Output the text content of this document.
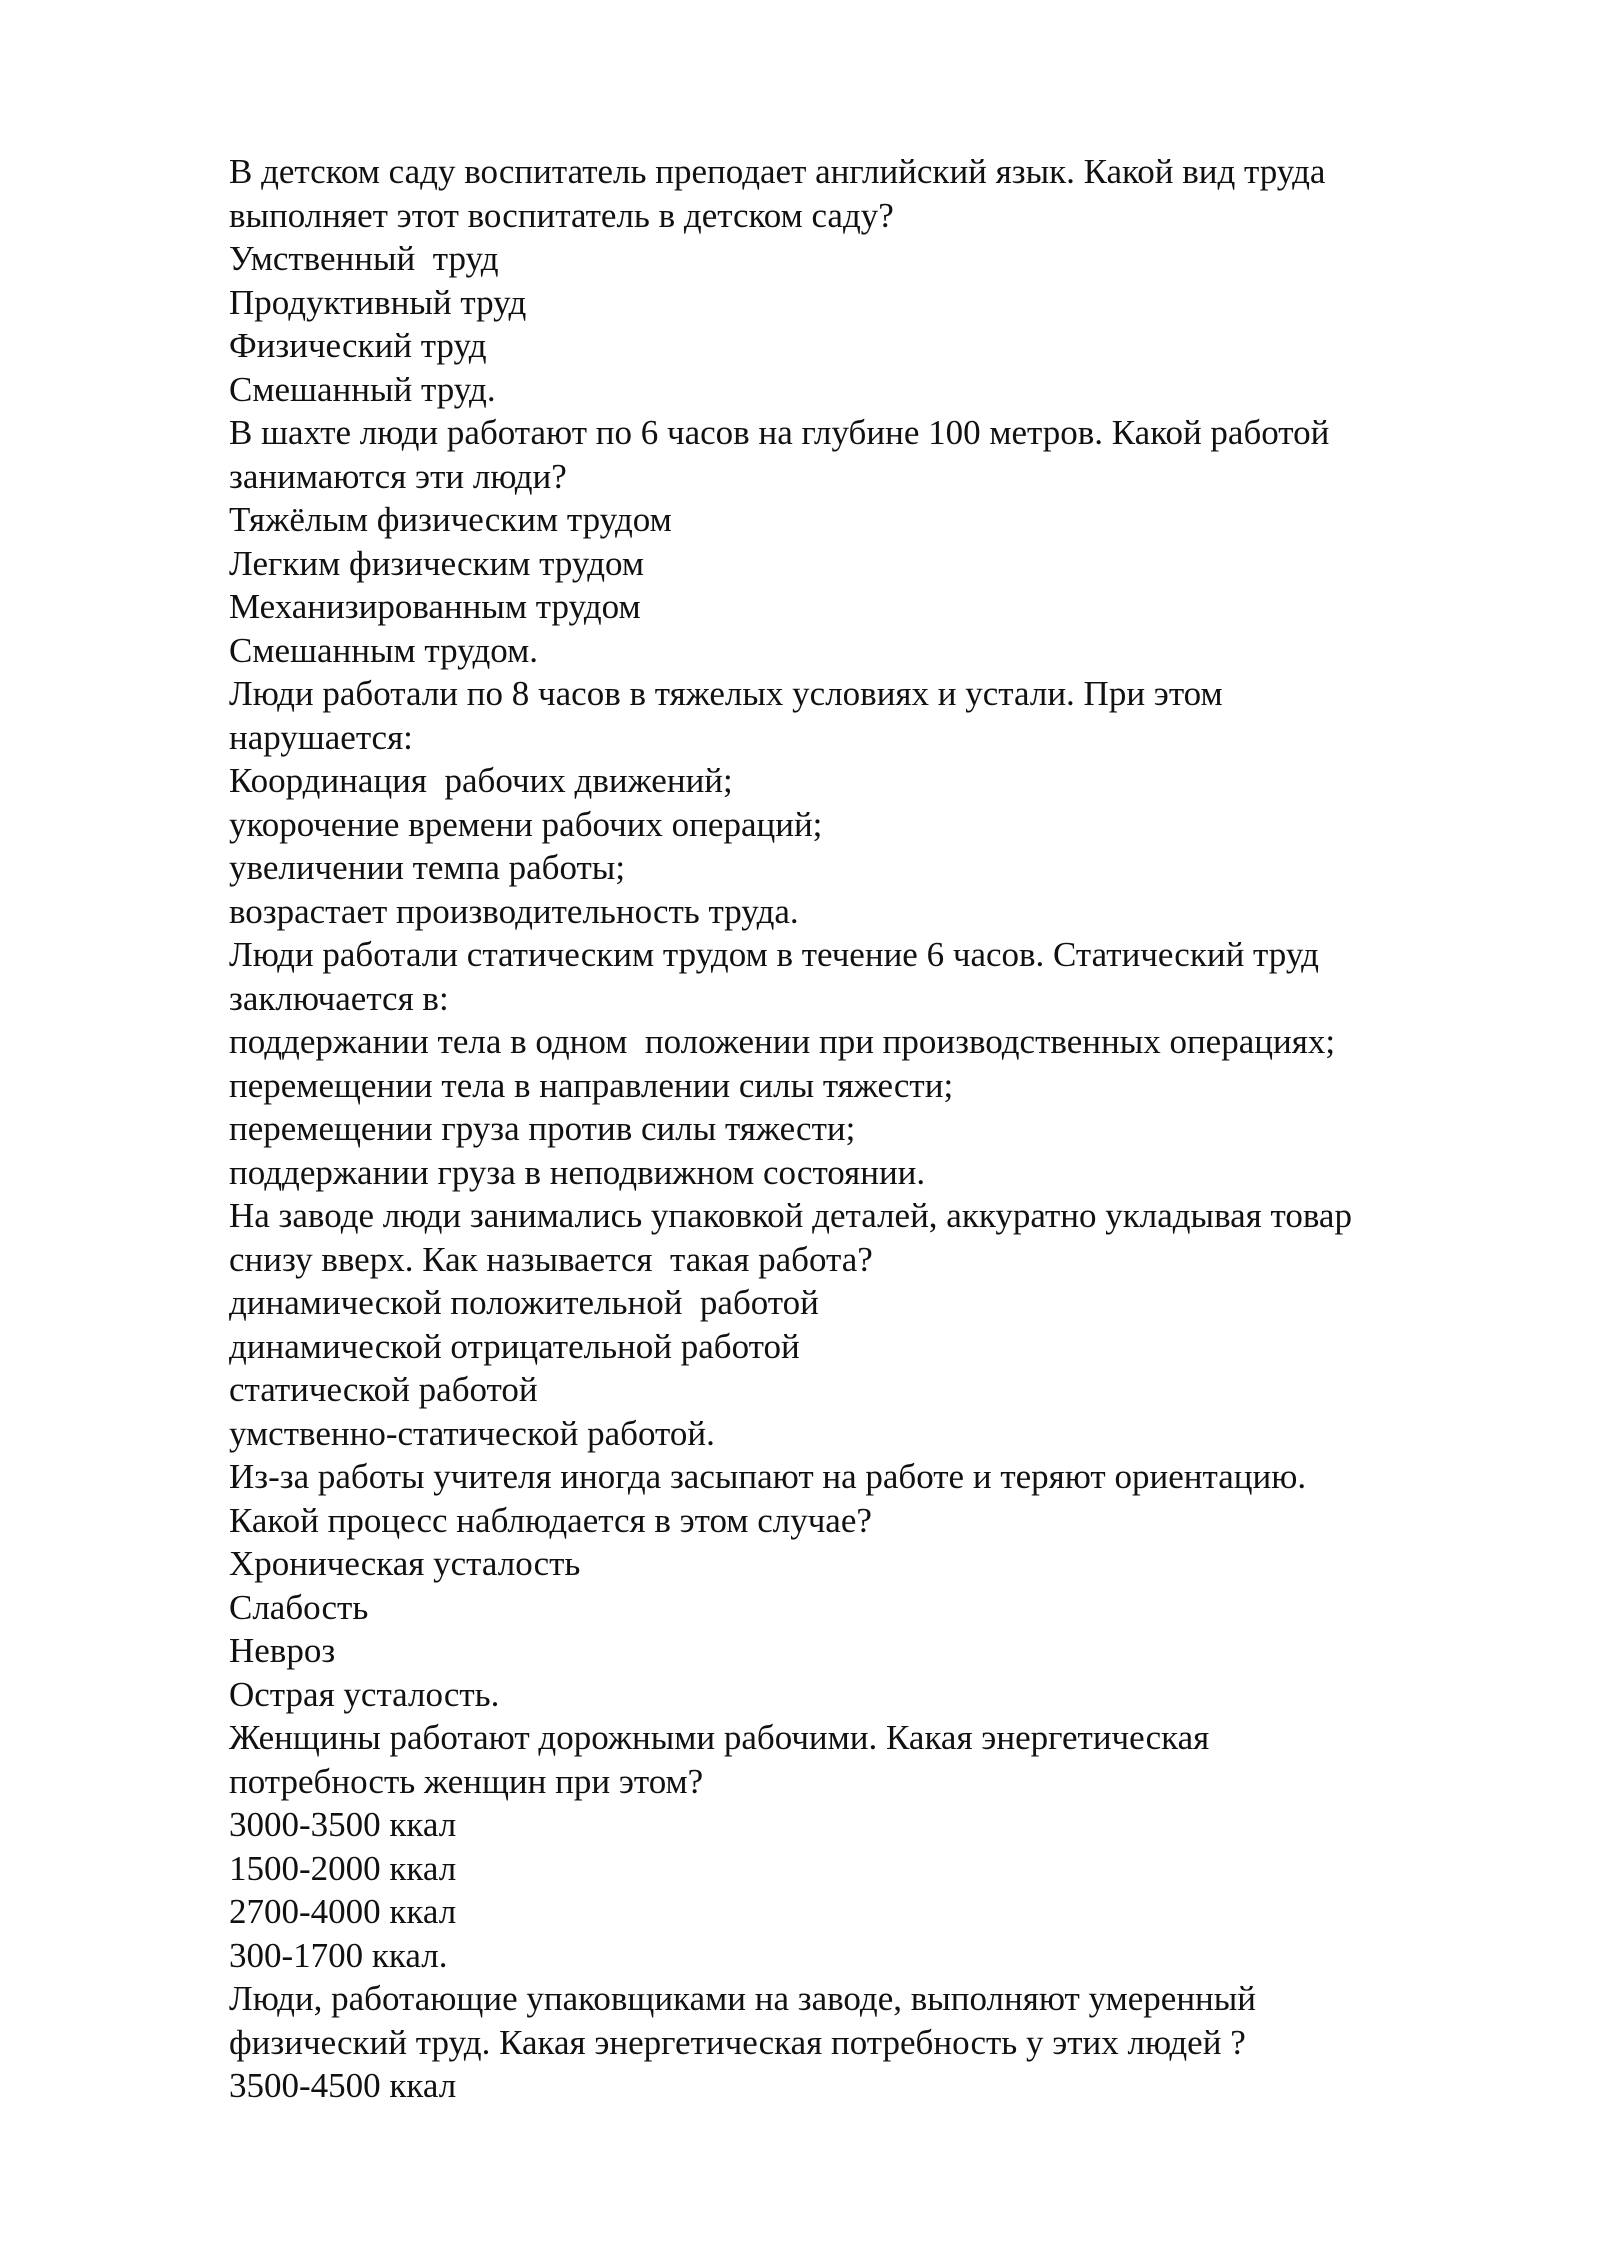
В детском саду воспитатель преподает английский язык. Какой вид труда
выполняет этот воспитатель в детском саду?
Умственный  труд
Продуктивный труд
Физический труд
Смешанный труд.
В шахте люди работают по 6 часов на глубине 100 метров. Какой работой
занимаются эти люди?
Тяжёлым физическим трудом
Легким физическим трудом
Механизированным трудом
Смешанным трудом.
Люди работали по 8 часов в тяжелых условиях и устали. При этом
нарушается:
Координация  рабочих движений;
укорочение времени рабочих операций;
увеличении темпа работы;
возрастает производительность труда.
Люди работали статическим трудом в течение 6 часов. Статический труд
заключается в:
поддержании тела в одном  положении при производственных операциях;
перемещении тела в направлении силы тяжести;
перемещении груза против силы тяжести;
поддержании груза в неподвижном состоянии.
На заводе люди занимались упаковкой деталей, аккуратно укладывая товар
снизу вверх. Как называется  такая работа?
динамической положительной  работой
динамической отрицательной работой
статической работой
умственно-статической работой.
Из-за работы учителя иногда засыпают на работе и теряют ориентацию.
Какой процесс наблюдается в этом случае?
Хроническая усталость
Слабость
Невроз
Острая усталость.
Женщины работают дорожными рабочими. Какая энергетическая
потребность женщин при этом?
3000-3500 ккал
1500-2000 ккал
2700-4000 ккал
300-1700 ккал.
Люди, работающие упаковщиками на заводе, выполняют умеренный
физический труд. Какая энергетическая потребность у этих людей ?
3500-4500 ккал
